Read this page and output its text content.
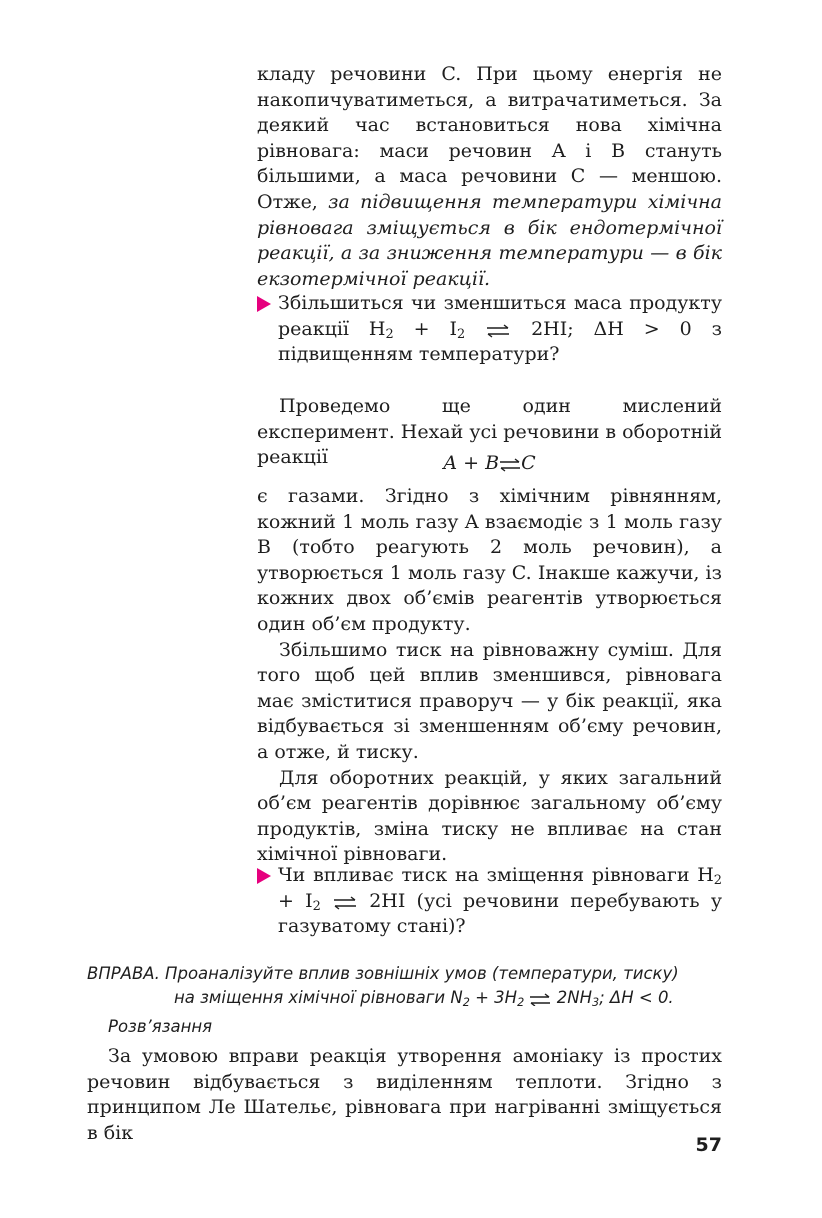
кладу речовини C. При цьому енергія не накопичуватиметься, а витрачатиметься. За деякий час встановиться нова хімічна рівновага: маси речовин A і B стануть більшими, а маса речовини C — меншою. Отже, за підвищення температури хімічна рівновага зміщується в бік ендотермічної реакції, а за зниження температури — в бік екзотермічної реакції.

Збільшиться чи зменшиться маса продукту реакції $H_2 + I_2$ ⇌ 2HI; ΔH > 0 з підвищенням температури?

Проведемо ще один мислений експеримент. Нехай усі речовини в оборотній реакції	A + B⇌C

є газами. Згідно з хімічним рівнянням, кожний 1 моль газу A взаємодіє з 1 моль газу B (тобто реагують 2 моль речовин), а утворюється 1 моль газу C. Інакше кажучи, із кожних двох об’ємів реагентів утворюється один об’єм продукту.

Збільшимо тиск на рівноважну суміш. Для того щоб цей вплив зменшився, рівновага має зміститися праворуч — у бік реакції, яка відбувається зі зменшенням об’єму речовин, а отже, й тиску.

Для оборотних реакцій, у яких загальний об’єм реагентів дорівнює загальному об’єму продуктів, зміна тиску не впливає на стан хімічної рівноваги.

Чи впливає тиск на зміщення рівноваги $H_2 + I_2$ ⇌ 2HI (усі речовини перебувають у газуватому стані)?
ВПРАВА. Проаналізуйте вплив зовнішніх умов (температури, тиску)
на зміщення хімічної рівноваги $N_2 + 3H_2$ ⇌ $2NH_3$; ΔH < 0.
Розв’язання

За умовою вправи реакція утворення амоніаку із простих речовин відбувається з виділенням теплоти. Згідно з принципом Ле Шательє, рівновага при нагріванні зміщується в бік

57
